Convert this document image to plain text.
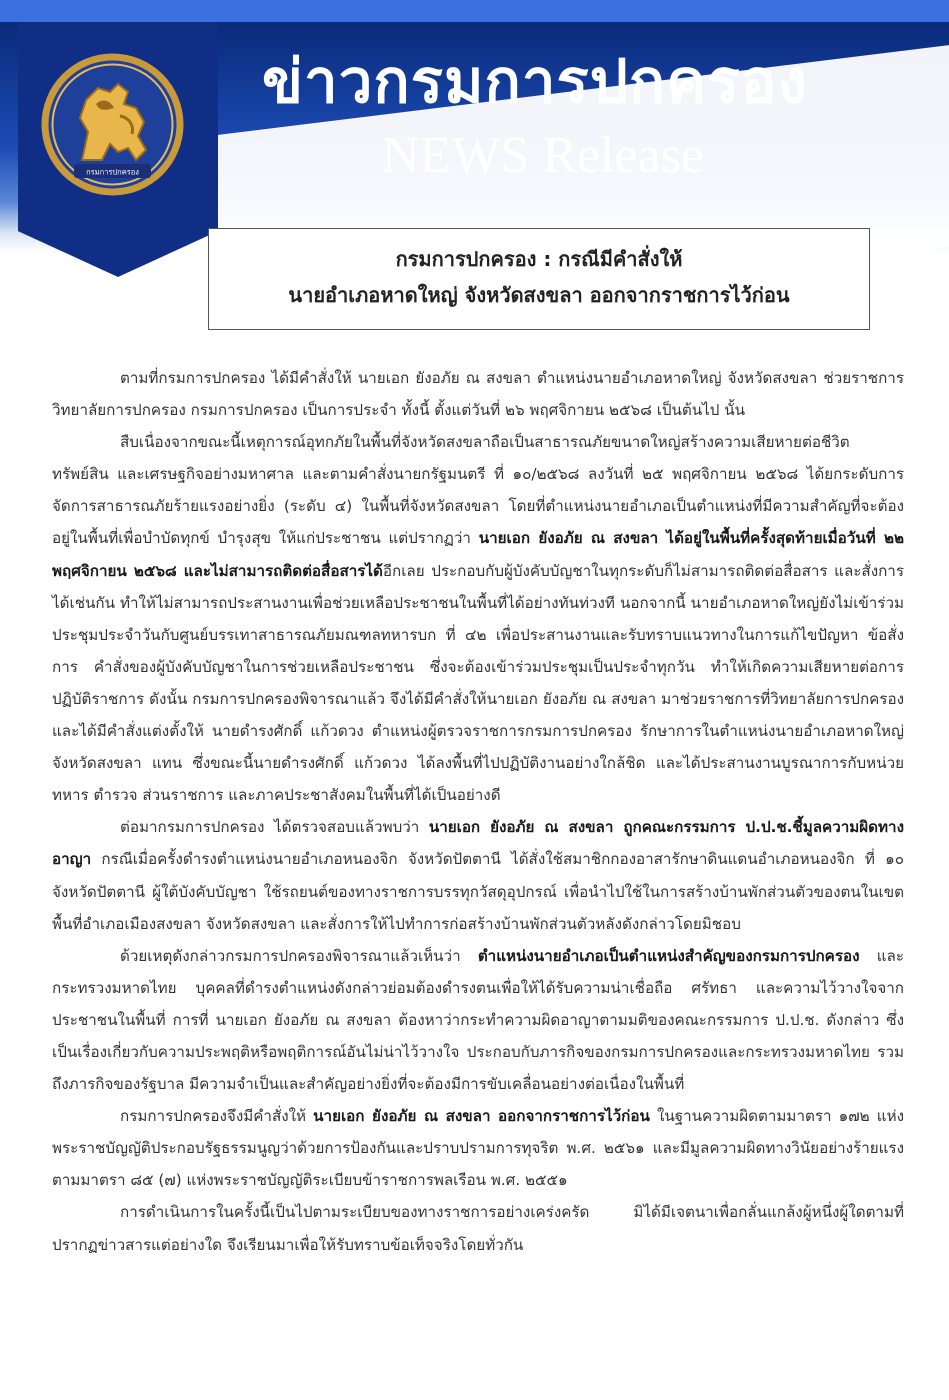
กรมการปกครอง
ข่าวกรมการปกครอง
NEWS Release
กรมการปกครอง : กรณีมีคำสั่งให้
นายอำเภอหาดใหญ่ จังหวัดสงขลา ออกจากราชการไว้ก่อน

ตามที่กรมการปกครอง ได้มีคำสั่งให้ นายเอก ยังอภัย ณ สงขลา ตำแหน่งนายอำเภอหาดใหญ่ จังหวัดสงขลา ช่วยราชการวิทยาลัยการปกครอง กรมการปกครอง เป็นการประจำ ทั้งนี้ ตั้งแต่วันที่ ๒๖ พฤศจิกายน ๒๕๖๘ เป็นต้นไป นั้น

สืบเนื่องจากขณะนี้เหตุการณ์อุทกภัยในพื้นที่จังหวัดสงขลาถือเป็นสาธารณภัยขนาดใหญ่สร้างความเสียหายต่อชีวิต ทรัพย์สิน และเศรษฐกิจอย่างมหาศาล และตามคำสั่งนายกรัฐมนตรี ที่ ๑๐/๒๕๖๘ ลงวันที่ ๒๕ พฤศจิกายน ๒๕๖๘ ได้ยกระดับการจัดการสาธารณภัยร้ายแรงอย่างยิ่ง (ระดับ ๔) ในพื้นที่จังหวัดสงขลา โดยที่ตำแหน่งนายอำเภอเป็นตำแหน่งที่มีความสำคัญที่จะต้องอยู่ในพื้นที่เพื่อบำบัดทุกข์ บำรุงสุข ให้แก่ประชาชน แต่ปรากฏว่า นายเอก ยังอภัย ณ สงขลา ได้อยู่ในพื้นที่ครั้งสุดท้ายเมื่อวันที่ ๒๒ พฤศจิกายน ๒๕๖๘ และไม่สามารถติดต่อสื่อสารได้อีกเลย ประกอบกับผู้บังคับบัญชาในทุกระดับก็ไม่สามารถติดต่อสื่อสาร และสั่งการได้เช่นกัน ทำให้ไม่สามารถประสานงานเพื่อช่วยเหลือประชาชนในพื้นที่ได้อย่างทันท่วงที นอกจากนี้ นายอำเภอหาดใหญ่ยังไม่เข้าร่วมประชุมประจำวันกับศูนย์บรรเทาสาธารณภัยมณฑลทหารบก ที่ ๔๒ เพื่อประสานงานและรับทราบแนวทางในการแก้ไขปัญหา ข้อสั่งการ คำสั่งของผู้บังคับบัญชาในการช่วยเหลือประชาชน ซึ่งจะต้องเข้าร่วมประชุมเป็นประจำทุกวัน ทำให้เกิดความเสียหายต่อการปฏิบัติราชการ ดังนั้น กรมการปกครองพิจารณาแล้ว จึงได้มีคำสั่งให้นายเอก ยังอภัย ณ สงขลา มาช่วยราชการที่วิทยาลัยการปกครอง และได้มีคำสั่งแต่งตั้งให้ นายดำรงศักดิ์ แก้วดวง ตำแหน่งผู้ตรวจราชการกรมการปกครอง รักษาการในตำแหน่งนายอำเภอหาดใหญ่ จังหวัดสงขลา แทน ซึ่งขณะนี้นายดำรงศักดิ์ แก้วดวง ได้ลงพื้นที่ไปปฏิบัติงานอย่างใกล้ชิด และได้ประสานงานบูรณาการกับหน่วยทหาร ตำรวจ ส่วนราชการ และภาคประชาสังคมในพื้นที่ได้เป็นอย่างดี

ต่อมากรมการปกครอง ได้ตรวจสอบแล้วพบว่า นายเอก ยังอภัย ณ สงขลา ถูกคณะกรรมการ ป.ป.ช.ชี้มูลความผิดทางอาญา กรณีเมื่อครั้งดำรงตำแหน่งนายอำเภอหนองจิก จังหวัดปัตตานี ได้สั่งใช้สมาชิกกองอาสารักษาดินแดนอำเภอหนองจิก ที่ ๑๐ จังหวัดปัตตานี ผู้ใต้บังคับบัญชา ใช้รถยนต์ของทางราชการบรรทุกวัสดุอุปกรณ์ เพื่อนำไปใช้ในการสร้างบ้านพักส่วนตัวของตนในเขตพื้นที่อำเภอเมืองสงขลา จังหวัดสงขลา และสั่งการให้ไปทำการก่อสร้างบ้านพักส่วนตัวหลังดังกล่าวโดยมิชอบ

ด้วยเหตุดังกล่าวกรมการปกครองพิจารณาแล้วเห็นว่า ตำแหน่งนายอำเภอเป็นตำแหน่งสำคัญของกรมการปกครอง และกระทรวงมหาดไทย บุคคลที่ดำรงตำแหน่งดังกล่าวย่อมต้องดำรงตนเพื่อให้ได้รับความน่าเชื่อถือ ศรัทธา และความไว้วางใจจากประชาชนในพื้นที่ การที่ นายเอก ยังอภัย ณ สงขลา ต้องหาว่ากระทำความผิดอาญาตามมติของคณะกรรมการ ป.ป.ช. ดังกล่าว ซึ่งเป็นเรื่องเกี่ยวกับความประพฤติหรือพฤติการณ์อันไม่น่าไว้วางใจ ประกอบกับภารกิจของกรมการปกครองและกระทรวงมหาดไทย รวมถึงภารกิจของรัฐบาล มีความจำเป็นและสำคัญอย่างยิ่งที่จะต้องมีการขับเคลื่อนอย่างต่อเนื่องในพื้นที่

กรมการปกครองจึงมีคำสั่งให้ นายเอก ยังอภัย ณ สงขลา ออกจากราชการไว้ก่อน ในฐานความผิดตามมาตรา ๑๗๒ แห่งพระราชบัญญัติประกอบรัฐธรรมนูญว่าด้วยการป้องกันและปราบปรามการทุจริต พ.ศ. ๒๕๖๑ และมีมูลความผิดทางวินัยอย่างร้ายแรง ตามมาตรา ๘๕ (๗) แห่งพระราชบัญญัติระเบียบข้าราชการพลเรือน พ.ศ. ๒๕๕๑

การดำเนินการในครั้งนี้เป็นไปตามระเบียบของทางราชการอย่างเคร่งครัด มิได้มีเจตนาเพื่อกลั่นแกล้งผู้หนึ่งผู้ใดตามที่ปรากฏข่าวสารแต่อย่างใด จึงเรียนมาเพื่อให้รับทราบข้อเท็จจริงโดยทั่วกัน
